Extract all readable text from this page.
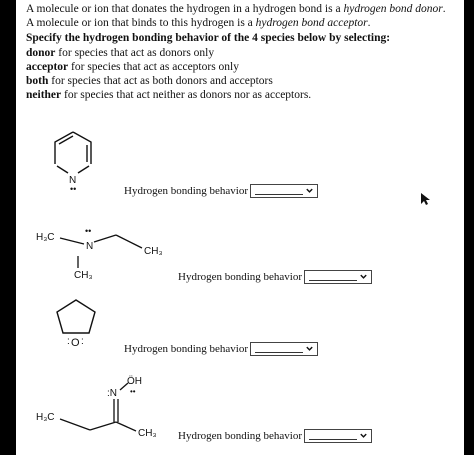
A molecule or ion that donates the hydrogen in a hydrogen bond is a hydrogen bond donor.
A molecule or ion that binds to this hydrogen is a hydrogen bond acceptor.
Specify the hydrogen bonding behavior of the 4 species below by selecting:
donor for species that act as donors only
acceptor for species that act as acceptors only
both for species that act as both donors and acceptors
neither for species that act neither as donors nor as acceptors.
N
••	Hydrogen bonding behavior
H₃C
••
N	CH₃
CH₃	Hydrogen bonding behavior
O
: :
Hydrogen bonding behavior
ÖH
:N ••
H₃C
CH₃ Hydrogen bonding behavior
